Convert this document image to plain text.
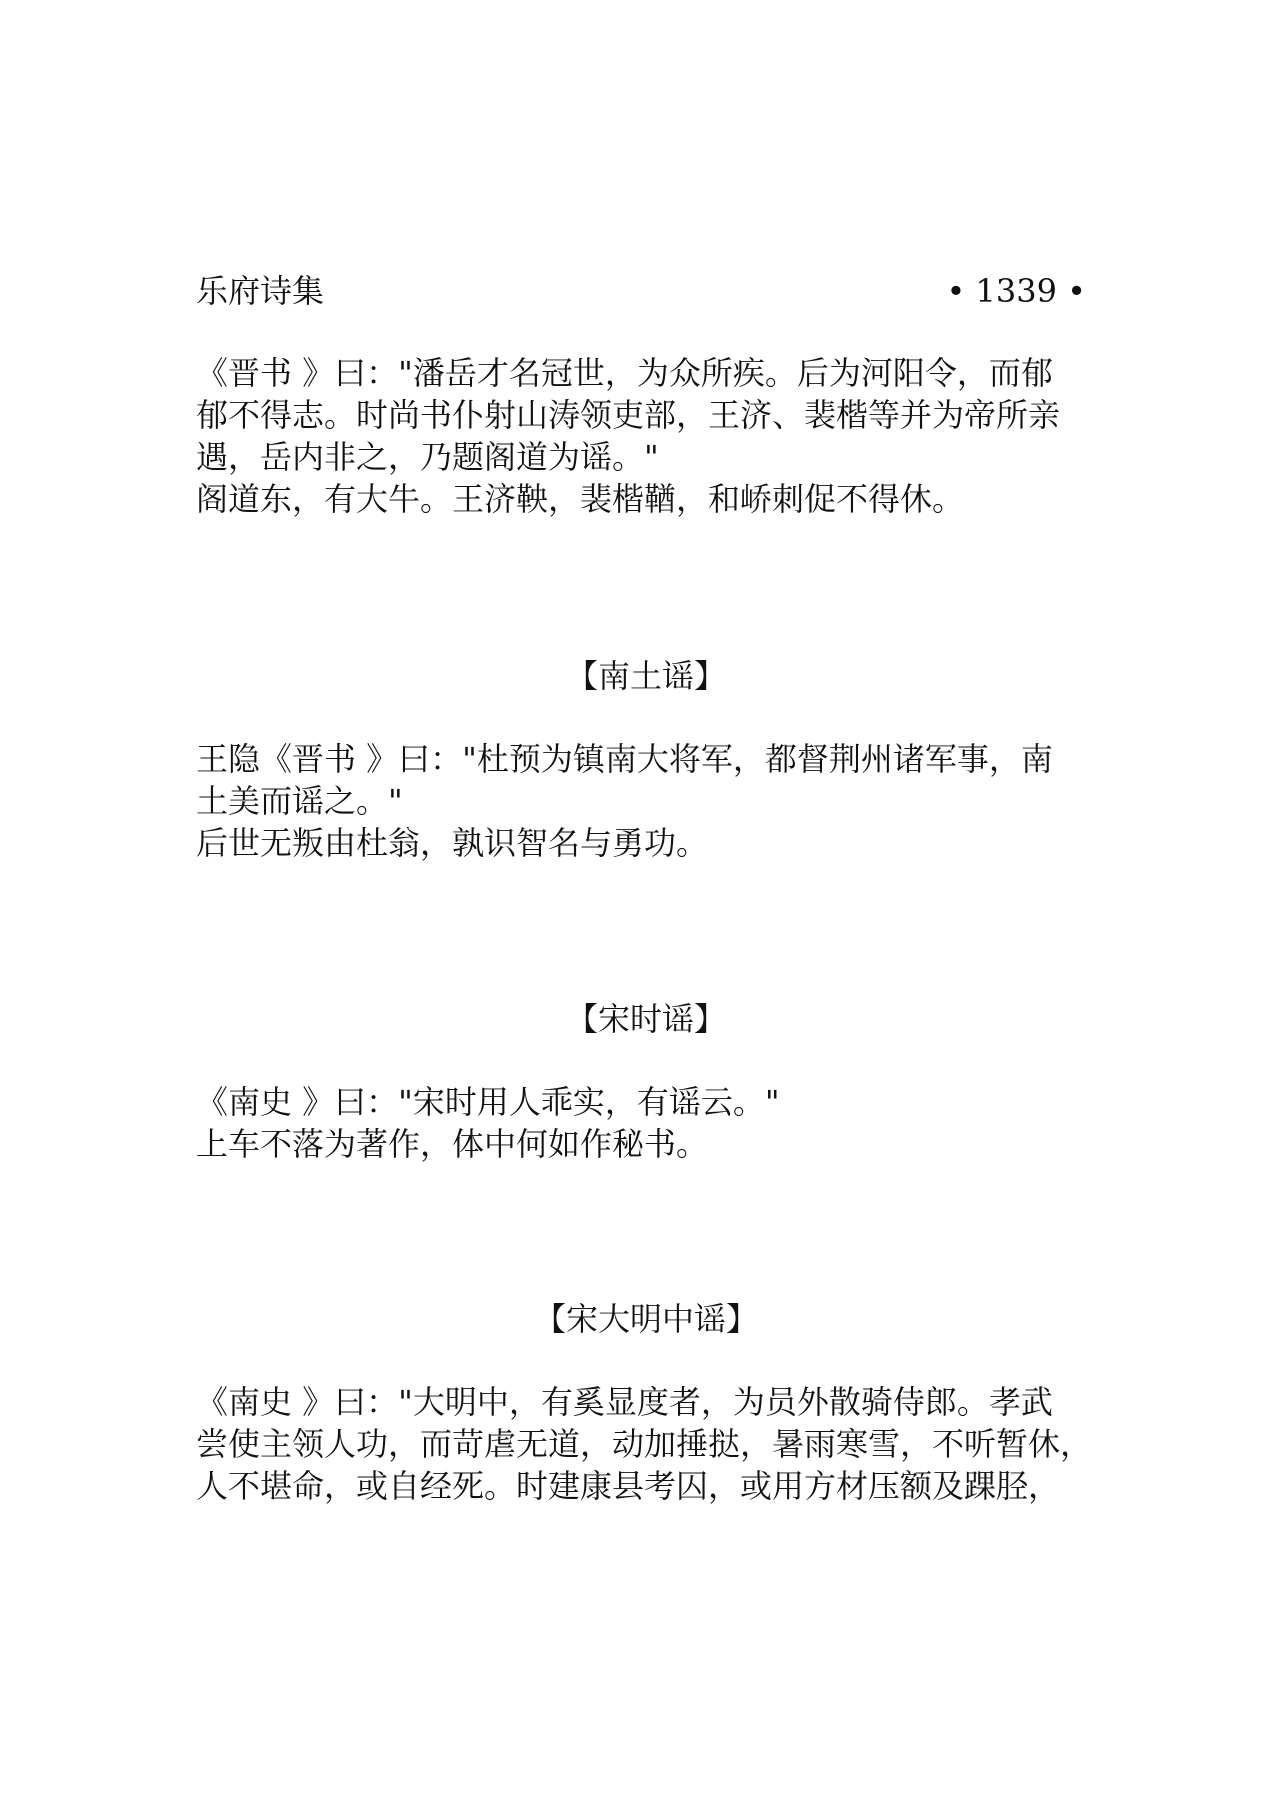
乐府诗集	• 1339 •
《晋书 》曰："潘岳才名冠世，为众所疾。后为河阳令，而郁
郁不得志。时尚书仆射山涛领吏部，王济、裴楷等并为帝所亲
遇，岳内非之，乃题阁道为谣。"
阁道东，有大牛。王济鞅，裴楷鞧，和峤刺促不得休。
【南土谣】
王隐《晋书 》曰："杜预为镇南大将军，都督荆州诸军事，南
土美而谣之。"
后世无叛由杜翁，孰识智名与勇功。
【宋时谣】
《南史 》曰："宋时用人乖实，有谣云。"
上车不落为著作，体中何如作秘书。
【宋大明中谣】
《南史 》曰："大明中，有奚显度者，为员外散骑侍郎。孝武
尝使主领人功，而苛虐无道，动加捶挞，暑雨寒雪，不听暂休，
人不堪命，或自经死。时建康县考囚，或用方材压额及踝胫，
